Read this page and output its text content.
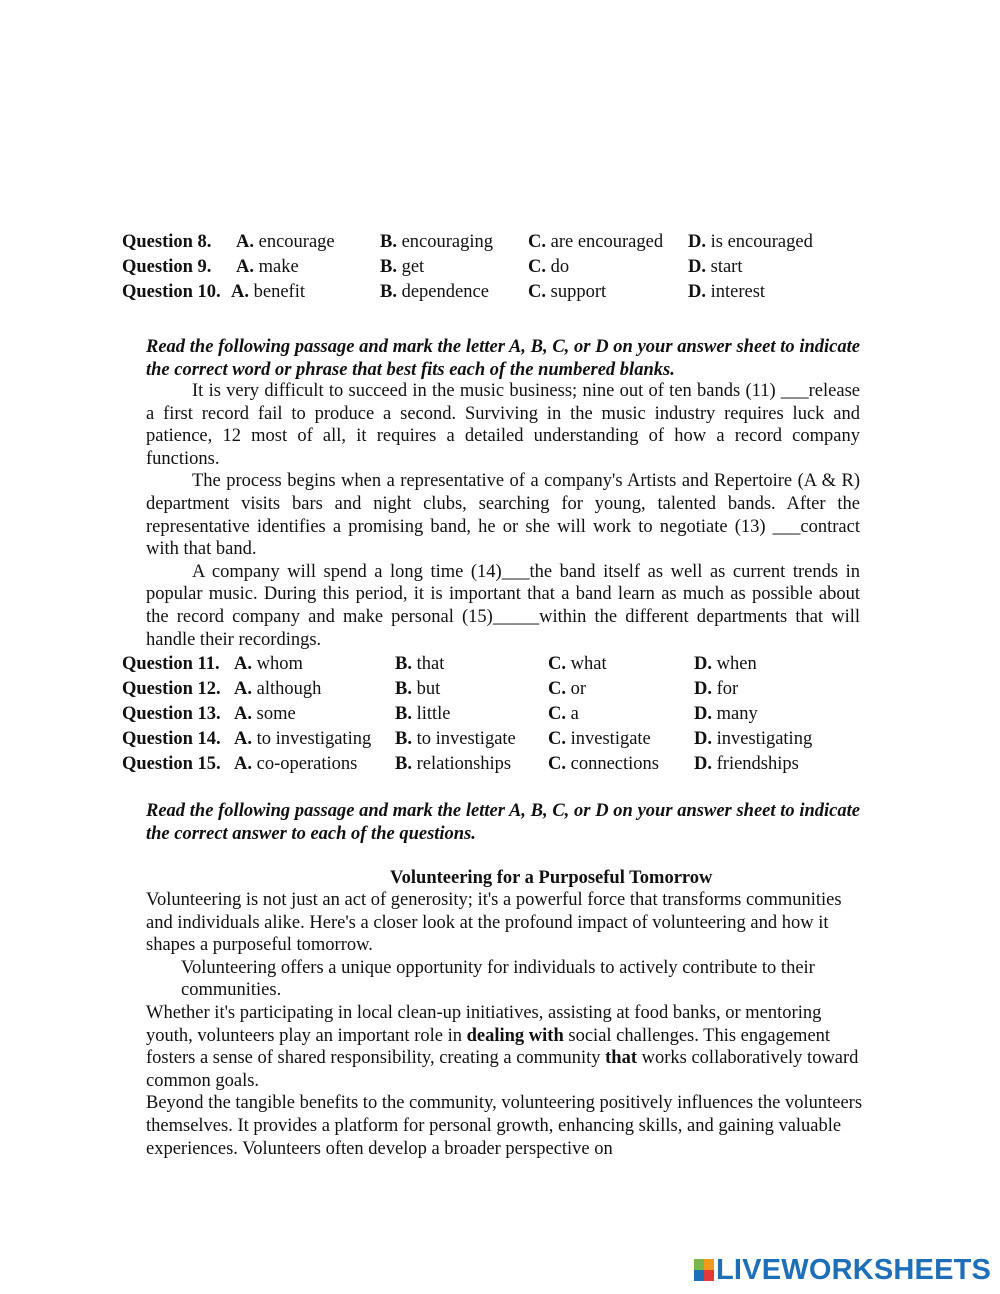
Question 8. A. encourage B. encouraging C. are encouraged D. is encouraged
Question 9. A. make	B. get	C. do	D. start
Question 10. A. benefit	B. dependence C. support	D. interest
Read the following passage and mark the letter A, B, C, or D on your answer sheet to indicate the correct word or phrase that best fits each of the numbered blanks.

It is very difficult to succeed in the music business; nine out of ten bands (11) ___release a first record fail to produce a second. Surviving in the music industry requires luck and patience, 12 most of all, it requires a detailed understanding of how a record company functions.

The process begins when a representative of a company's Artists and Repertoire (A & R) department visits bars and night clubs, searching for young, talented bands. After the representative identifies a promising band, he or she will work to negotiate (13) ___contract with that band.

A company will spend a long time (14)___the band itself as well as current trends in popular music. During this period, it is important that a band learn as much as possible about the record company and make personal (15)_____within the different departments that will handle their recordings.

Question 11. A. whom	B. that	C. what	D. when
Question 12. A. although	B. but	C. or	D. for
Question 13. A. some	B. little	C. a	D. many
Question 14. A. to investigating B. to investigate C. investigate D. investigating
Question 15. A. co-operations B. relationships C. connections D. friendships
Read the following passage and mark the letter A, B, C, or D on your answer sheet to indicate the correct answer to each of the questions.
Volunteering for a Purposeful Tomorrow

Volunteering is not just an act of generosity; it's a powerful force that transforms communities and individuals alike. Here's a closer look at the profound impact of volunteering and how it shapes a purposeful tomorrow.

Volunteering offers a unique opportunity for individuals to actively contribute to their communities.

Whether it's participating in local clean-up initiatives, assisting at food banks, or mentoring youth, volunteers play an important role in dealing with social challenges. This engagement fosters a sense of shared responsibility, creating a community that works collaboratively toward common goals.

Beyond the tangible benefits to the community, volunteering positively influences the volunteers themselves. It provides a platform for personal growth, enhancing skills, and gaining valuable experiences. Volunteers often develop a broader perspective on

LIVEWORKSHEETS
